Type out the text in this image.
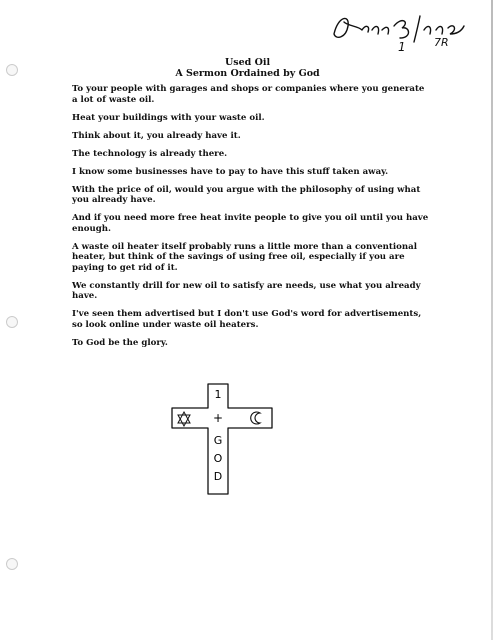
1	7R
Used Oil
A Sermon Ordained by God

To your people with garages and shops or companies where you generate a lot of waste oil.

Heat your buildings with your waste oil.

Think about it, you already have it.

The technology is already there.

I know some businesses have to pay to have this stuff taken away.

With the price of oil, would you argue with the philosophy of using what you already have.

And if you need more free heat invite people to give you oil until you have enough.

A waste oil heater itself probably runs a little more than a conventional heater, but think of the savings of using free oil, especially if you are paying to get rid of it.

We constantly drill for new oil to satisfy are needs, use what you already have.

I've seen them advertised but I don't use God's word for advertisements, so look online under waste oil heaters.

To God be the glory.

1
+
G
O
D
